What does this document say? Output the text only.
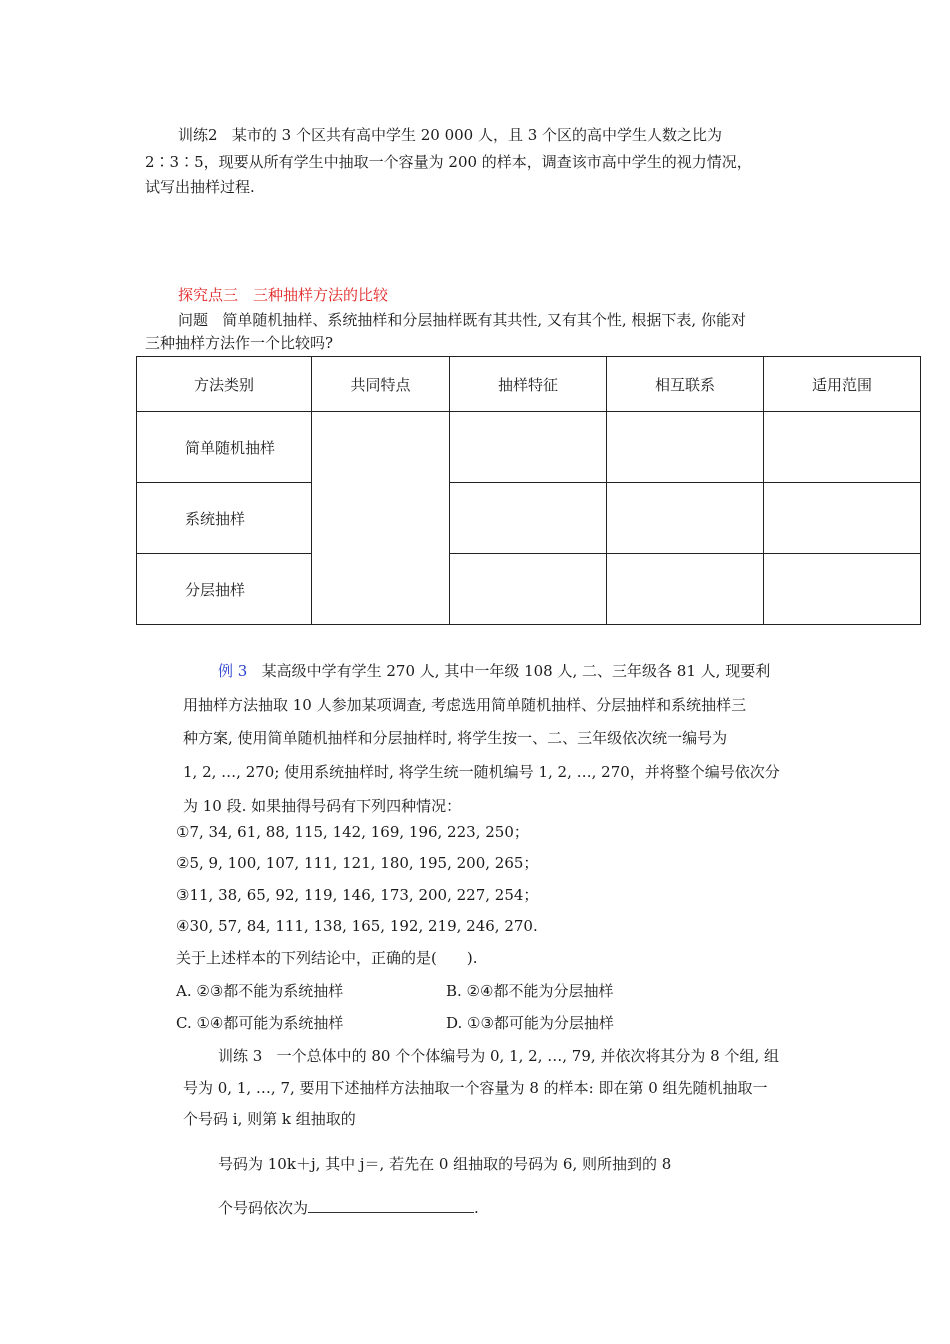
训练2 某市的 3 个区共有高中学生 20 000 人，且 3 个区的高中学生人数之比为
2∶3∶5，现要从所有学生中抽取一个容量为 200 的样本，调查该市高中学生的视力情况，
试写出抽样过程.
探究点三　三种抽样方法的比较
问题 简单随机抽样、系统抽样和分层抽样既有其共性, 又有其个性, 根据下表, 你能对
三种抽样方法作一个比较吗?
方法类别	共同特点	抽样特征	相互联系	适用范围
简单随机抽样				
系统抽样				
分层抽样				
例 3 某高级中学有学生 270 人, 其中一年级 108 人, 二、三年级各 81 人, 现要利
用抽样方法抽取 10 人参加某项调查, 考虑选用简单随机抽样、分层抽样和系统抽样三
种方案, 使用简单随机抽样和分层抽样时, 将学生按一、二、三年级依次统一编号为
1, 2, …, 270; 使用系统抽样时, 将学生统一随机编号 1, 2, …, 270，并将整个编号依次分
为 10 段. 如果抽得号码有下列四种情况：
①7, 34, 61, 88, 115, 142, 169, 196, 223, 250；
②5, 9, 100, 107, 111, 121, 180, 195, 200, 265；
③11, 38, 65, 92, 119, 146, 173, 200, 227, 254；
④30, 57, 84, 111, 138, 165, 192, 219, 246, 270.
关于上述样本的下列结论中，正确的是(　　).
A. ②③都不能为系统抽样	B. ②④都不能为分层抽样
C. ①④都可能为系统抽样	D. ①③都可能为分层抽样
训练 3 一个总体中的 80 个个体编号为 0, 1, 2, …, 79, 并依次将其分为 8 个组, 组
号为 0, 1, …, 7, 要用下述抽样方法抽取一个容量为 8 的样本: 即在第 0 组先随机抽取一
个号码 i, 则第 k 组抽取的
号码为 10k＋j, 其中 j＝, 若先在 0 组抽取的号码为 6, 则所抽到的 8
个号码依次为	.
